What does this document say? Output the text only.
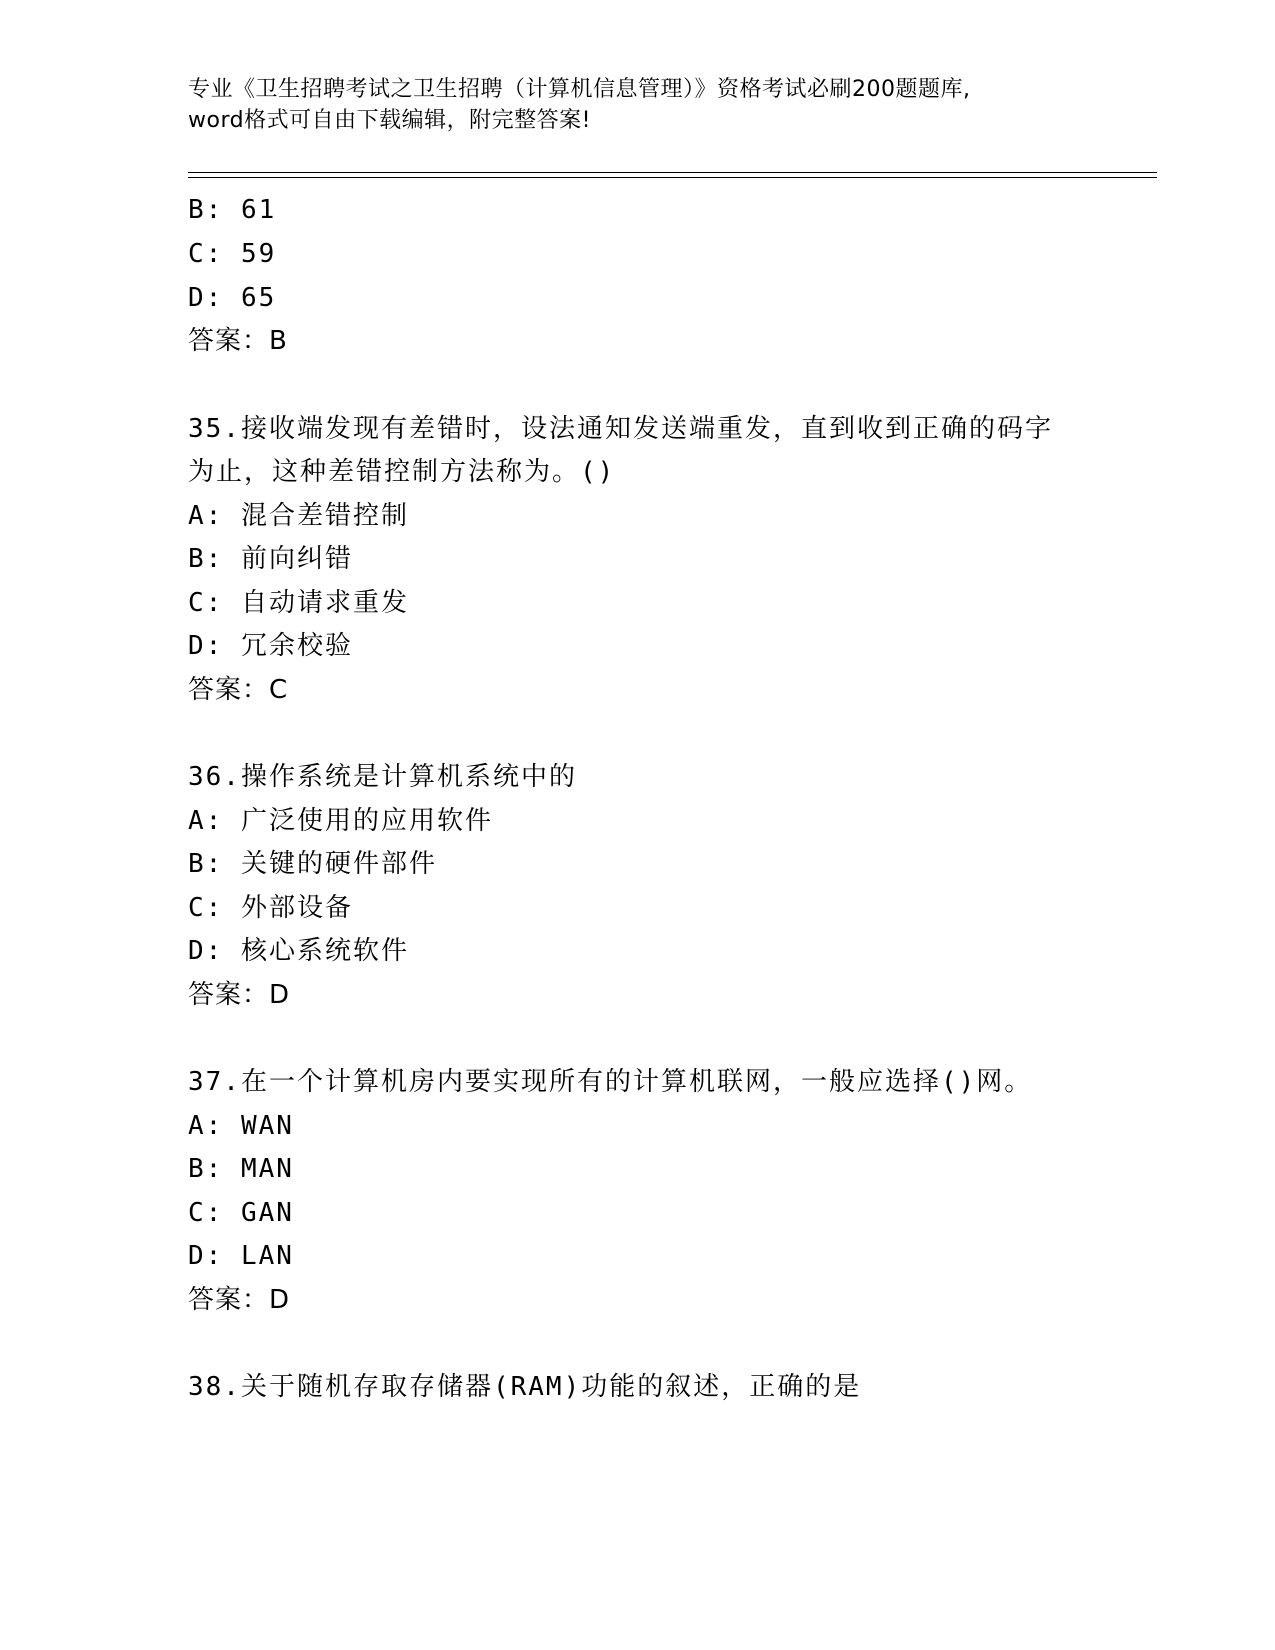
专业《卫生招聘考试之卫生招聘（计算机信息管理）》资格考试必刷200题题库,
word格式可自由下载编辑，附完整答案!
B: 61
C: 59
D: 65
答案：B
35.接收端发现有差错时，设法通知发送端重发，直到收到正确的码字
为止，这种差错控制方法称为。()
A: 混合差错控制
B: 前向纠错
C: 自动请求重发
D: 冗余校验
答案：C
36.操作系统是计算机系统中的
A: 广泛使用的应用软件
B: 关键的硬件部件
C: 外部设备
D: 核心系统软件
答案：D
37.在一个计算机房内要实现所有的计算机联网，一般应选择()网。
A: WAN
B: MAN
C: GAN
D: LAN
答案：D
38.关于随机存取存储器(RAM)功能的叙述，正确的是
